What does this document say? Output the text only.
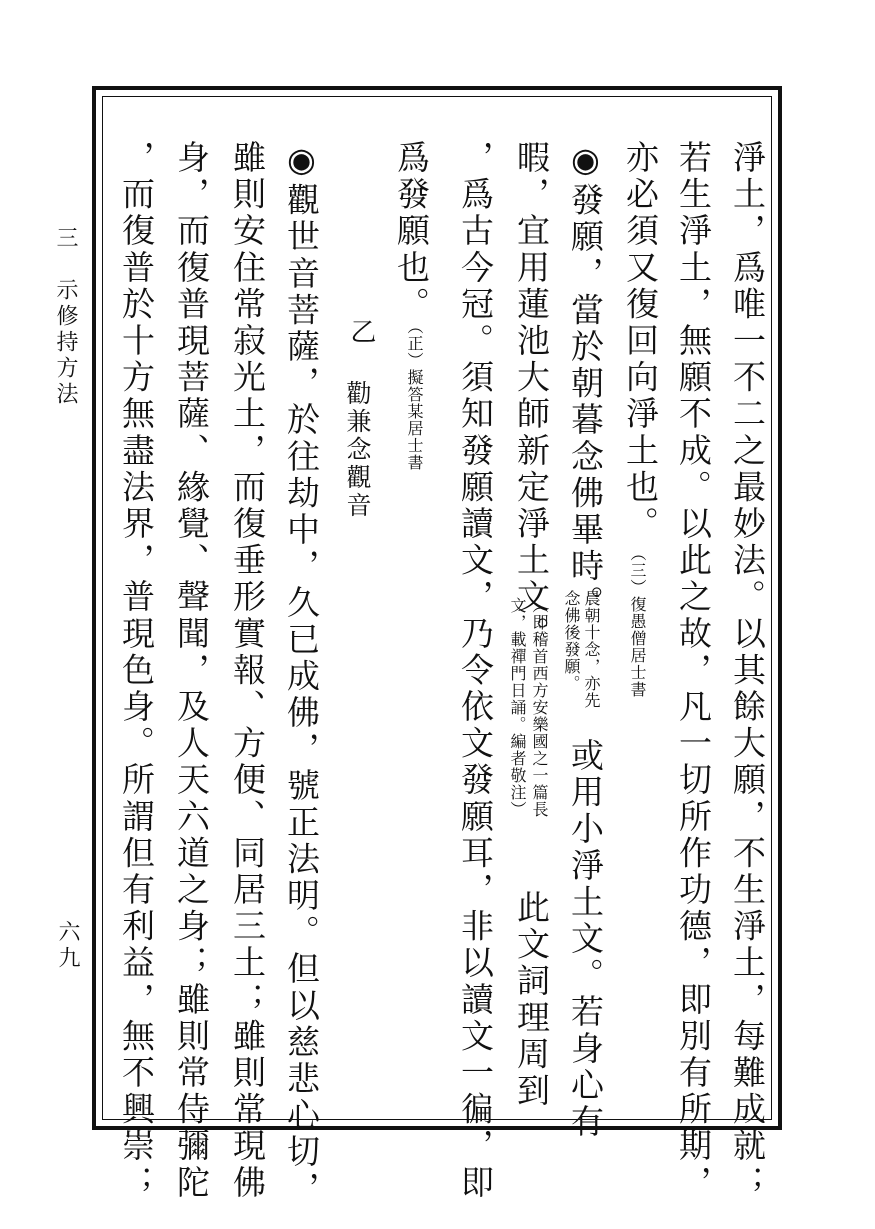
三　示修持方法
六九	淨土，爲唯一不二之最妙法。以其餘大願，不生淨土，每難成就；
若生淨土，無願不成。以此之故，凡一切所作功德，即別有所期，
亦必須又復回向淨土也。
（三）復愚僧居士書
◉發願，當於朝暮念佛畢時。
晨朝十念，亦先
念佛後發願。
或用小淨土文。若身心有
暇，宜用蓮池大師新定淨土文。
（即稽首西方安樂國之一篇長
文，載禪門日誦。編者敬注）
此文詞理周到
，爲古今冠。須知發願讀文，乃令依文發願耳，非以讀文一徧，即
爲發願也。
（正）擬答某居士書
乙
勸兼念觀音
◉觀世音菩薩，於往劫中，久已成佛，號正法明。但以慈悲心切，
雖則安住常寂光土，而復垂形實報、方便、同居三土；雖則常現佛
身，而復普現菩薩、緣覺、聲聞，及人天六道之身；雖則常侍彌陀
，而復普於十方無盡法界，普現色身。所謂但有利益，無不興崇；
